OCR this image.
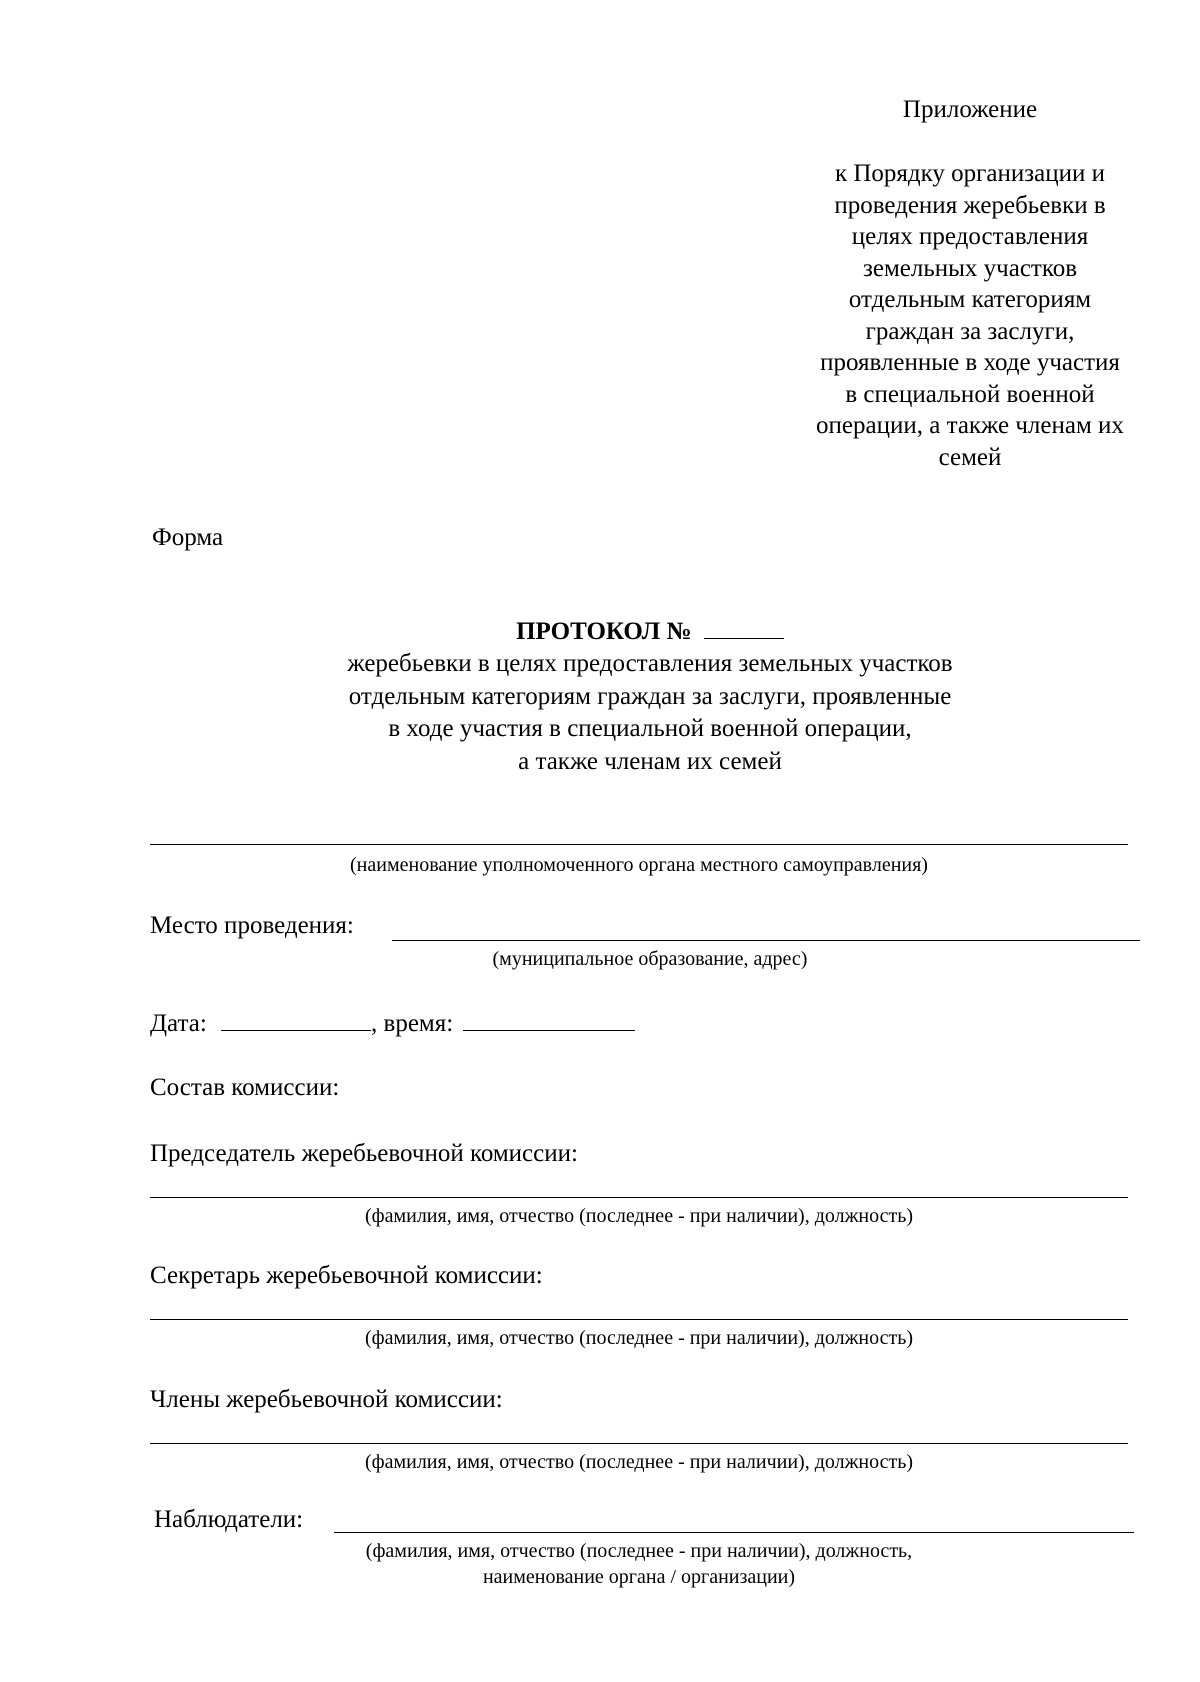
Приложение
к Порядку организации и
проведения жеребьевки в
целях предоставления
земельных участков
отдельным категориям
граждан за заслуги,
проявленные в ходе участия
в специальной военной
операции, а также членам их
семей
Форма
ПРОТОКОЛ №
жеребьевки в целях предоставления земельных участков
отдельным категориям граждан за заслуги, проявленные
в ходе участия в специальной военной операции,
а также членам их семей
(наименование уполномоченного органа местного самоуправления)
Место проведения:
(муниципальное образование, адрес)
Дата:	, время:
Состав комиссии:
Председатель жеребьевочной комиссии:
(фамилия, имя, отчество (последнее - при наличии), должность)
Секретарь жеребьевочной комиссии:
(фамилия, имя, отчество (последнее - при наличии), должность)
Члены жеребьевочной комиссии:
(фамилия, имя, отчество (последнее - при наличии), должность)
Наблюдатели:
(фамилия, имя, отчество (последнее - при наличии), должность,
наименование органа / организации)
